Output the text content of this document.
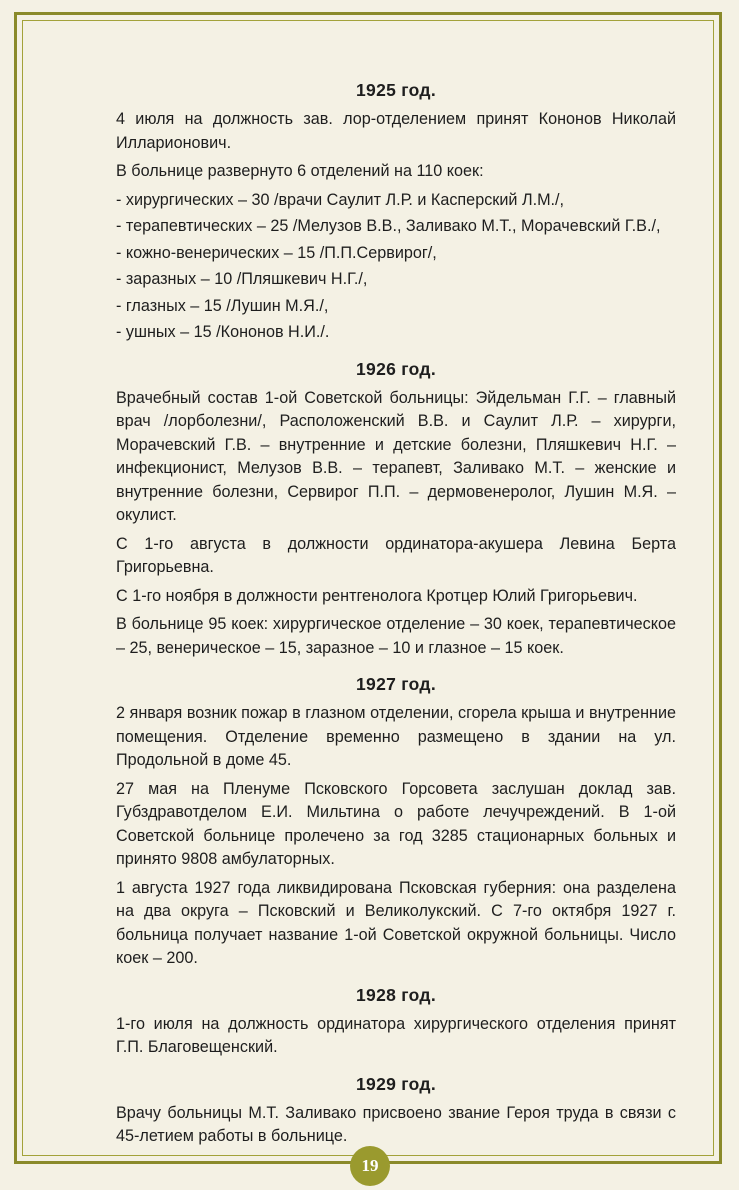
1925 год.

4 июля на должность зав. лор-отделением принят Кононов Николай Илларионович.

В больнице развернуто 6 отделений на 110 коек:

- хирургических – 30 /врачи Саулит Л.Р. и Касперский Л.М./,
- терапевтических – 25 /Мелузов В.В., Заливако М.Т., Морачевский Г.В./,
- кожно-венерических – 15 /П.П.Сервирог/,
- заразных – 10 /Пляшкевич Н.Г./,
- глазных – 15 /Лушин М.Я./,
- ушных – 15 /Кононов Н.И./.
1926 год.

Врачебный состав 1-ой Советской больницы: Эйдельман Г.Г. – главный врач /лорболезни/, Расположенский В.В. и Саулит Л.Р. – хирурги, Морачевский Г.В. – внутренние и детские болезни, Пляшкевич Н.Г. – инфекционист, Мелузов В.В. – терапевт, Заливако М.Т. – женские и внутренние болезни, Сервирог П.П. – дермовенеролог, Лушин М.Я. – окулист.

С 1-го августа в должности ординатора-акушера Левина Берта Григорьевна.

С 1-го ноября в должности рентгенолога Кротцер Юлий Григорьевич.

В больнице 95 коек: хирургическое отделение – 30 коек, терапевтическое – 25, венерическое – 15, заразное – 10 и глазное – 15 коек.

1927 год.

2 января возник пожар в глазном отделении, сгорела крыша и внутренние помещения. Отделение временно размещено в здании на ул. Продольной в доме 45.

27 мая на Пленуме Псковского Горсовета заслушан доклад зав. Губздравотделом Е.И. Мильтина о работе лечучреждений. В 1-ой Советской больнице пролечено за год 3285 стационарных больных и принято 9808 амбулаторных.

1 августа 1927 года ликвидирована Псковская губерния: она разделена на два округа – Псковский и Великолукский. С 7-го октября 1927 г. больница получает название 1-ой Советской окружной больницы. Число коек – 200.

1928 год.

1-го июля на должность ординатора хирургического отделения принят Г.П. Благовещенский.

1929 год.

Врачу больницы М.Т. Заливако присвоено звание Героя труда в связи с 45-летием работы в больнице.

19
